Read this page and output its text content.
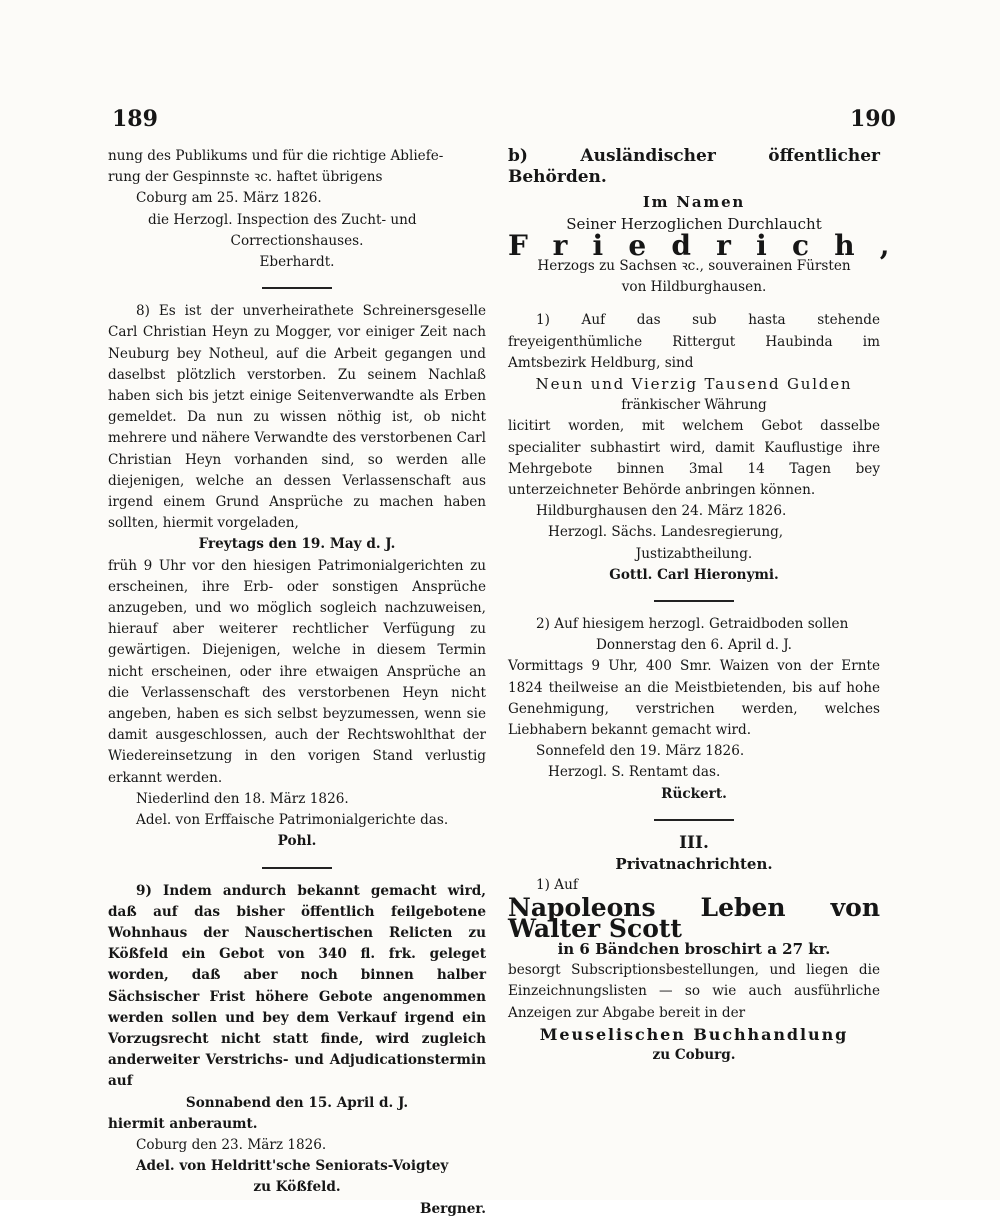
189	190

nung des Publikums und für die richtige Abliefe-

rung der Gespinnste ꝛc. haftet übrigens

Coburg am 25. März 1826.

die Herzogl. Inspection des Zucht- und

Correctionshauses.

Eberhardt.

8) Es ist der unverheirathete Schreinersgeselle Carl Christian Heyn zu Mogger, vor einiger Zeit nach Neuburg bey Notheul, auf die Arbeit gegangen und daselbst plötzlich verstorben. Zu seinem Nachlaß haben sich bis jetzt einige Seitenverwandte als Erben gemeldet. Da nun zu wissen nöthig ist, ob nicht mehrere und nähere Verwandte des verstorbenen Carl Christian Heyn vorhanden sind, so werden alle diejenigen, welche an dessen Verlassenschaft aus irgend einem Grund Ansprüche zu machen haben sollten, hiermit vorgeladen,

Freytags den 19. May d. J.

früh 9 Uhr vor den hiesigen Patrimonialgerichten zu erscheinen, ihre Erb- oder sonstigen Ansprüche anzugeben, und wo möglich sogleich nachzuweisen, hierauf aber weiterer rechtlicher Verfügung zu gewärtigen. Diejenigen, welche in diesem Termin nicht erscheinen, oder ihre etwaigen Ansprüche an die Verlassenschaft des verstorbenen Heyn nicht angeben, haben es sich selbst beyzumessen, wenn sie damit ausgeschlossen, auch der Rechtswohlthat der Wiedereinsetzung in den vorigen Stand verlustig erkannt werden.

Niederlind den 18. März 1826.

Adel. von Erffaische Patrimonialgerichte das.

Pohl.

9) Indem andurch bekannt gemacht wird, daß auf das bisher öffentlich feilgebotene Wohnhaus der Nauschertischen Relicten zu Kößfeld ein Gebot von 340 fl. frk. geleget worden, daß aber noch binnen halber Sächsischer Frist höhere Gebote angenommen werden sollen und bey dem Verkauf irgend ein Vorzugsrecht nicht statt finde, wird zugleich anderweiter Verstrichs- und Adjudicationstermin auf

Sonnabend den 15. April d. J.

hiermit anberaumt.

Coburg den 23. März 1826.

Adel. von Heldritt'sche Seniorats-Voigtey

zu Kößfeld.

Bergner.

b) Ausländischer öffentlicher Behörden.

Im Namen

Seiner Herzoglichen Durchlaucht

Friedrich,

Herzogs zu Sachsen ꝛc., souverainen Fürsten

von Hildburghausen.

1) Auf das sub hasta stehende freyeigenthümliche Rittergut Haubinda im Amtsbezirk Heldburg, sind

Neun und Vierzig Tausend Gulden

fränkischer Währung

licitirt worden, mit welchem Gebot dasselbe specialiter subhastirt wird, damit Kauflustige ihre Mehrgebote binnen 3mal 14 Tagen bey unterzeichneter Behörde anbringen können.

Hildburghausen den 24. März 1826.

Herzogl. Sächs. Landesregierung,

Justizabtheilung.

Gottl. Carl Hieronymi.

2) Auf hiesigem herzogl. Getraidboden sollen

Donnerstag den 6. April d. J.

Vormittags 9 Uhr, 400 Smr. Waizen von der Ernte 1824 theilweise an die Meistbietenden, bis auf hohe Genehmigung, verstrichen werden, welches Liebhabern bekannt gemacht wird.

Sonnefeld den 19. März 1826.

Herzogl. S. Rentamt das.

Rückert.

III.

Privatnachrichten.

1) Auf

Napoleons Leben von Walter Scott

in 6 Bändchen broschirt a 27 kr.

besorgt Subscriptionsbestellungen, und liegen die Einzeichnungslisten — so wie auch ausführliche Anzeigen zur Abgabe bereit in der

Meuselischen Buchhandlung

zu Coburg.
